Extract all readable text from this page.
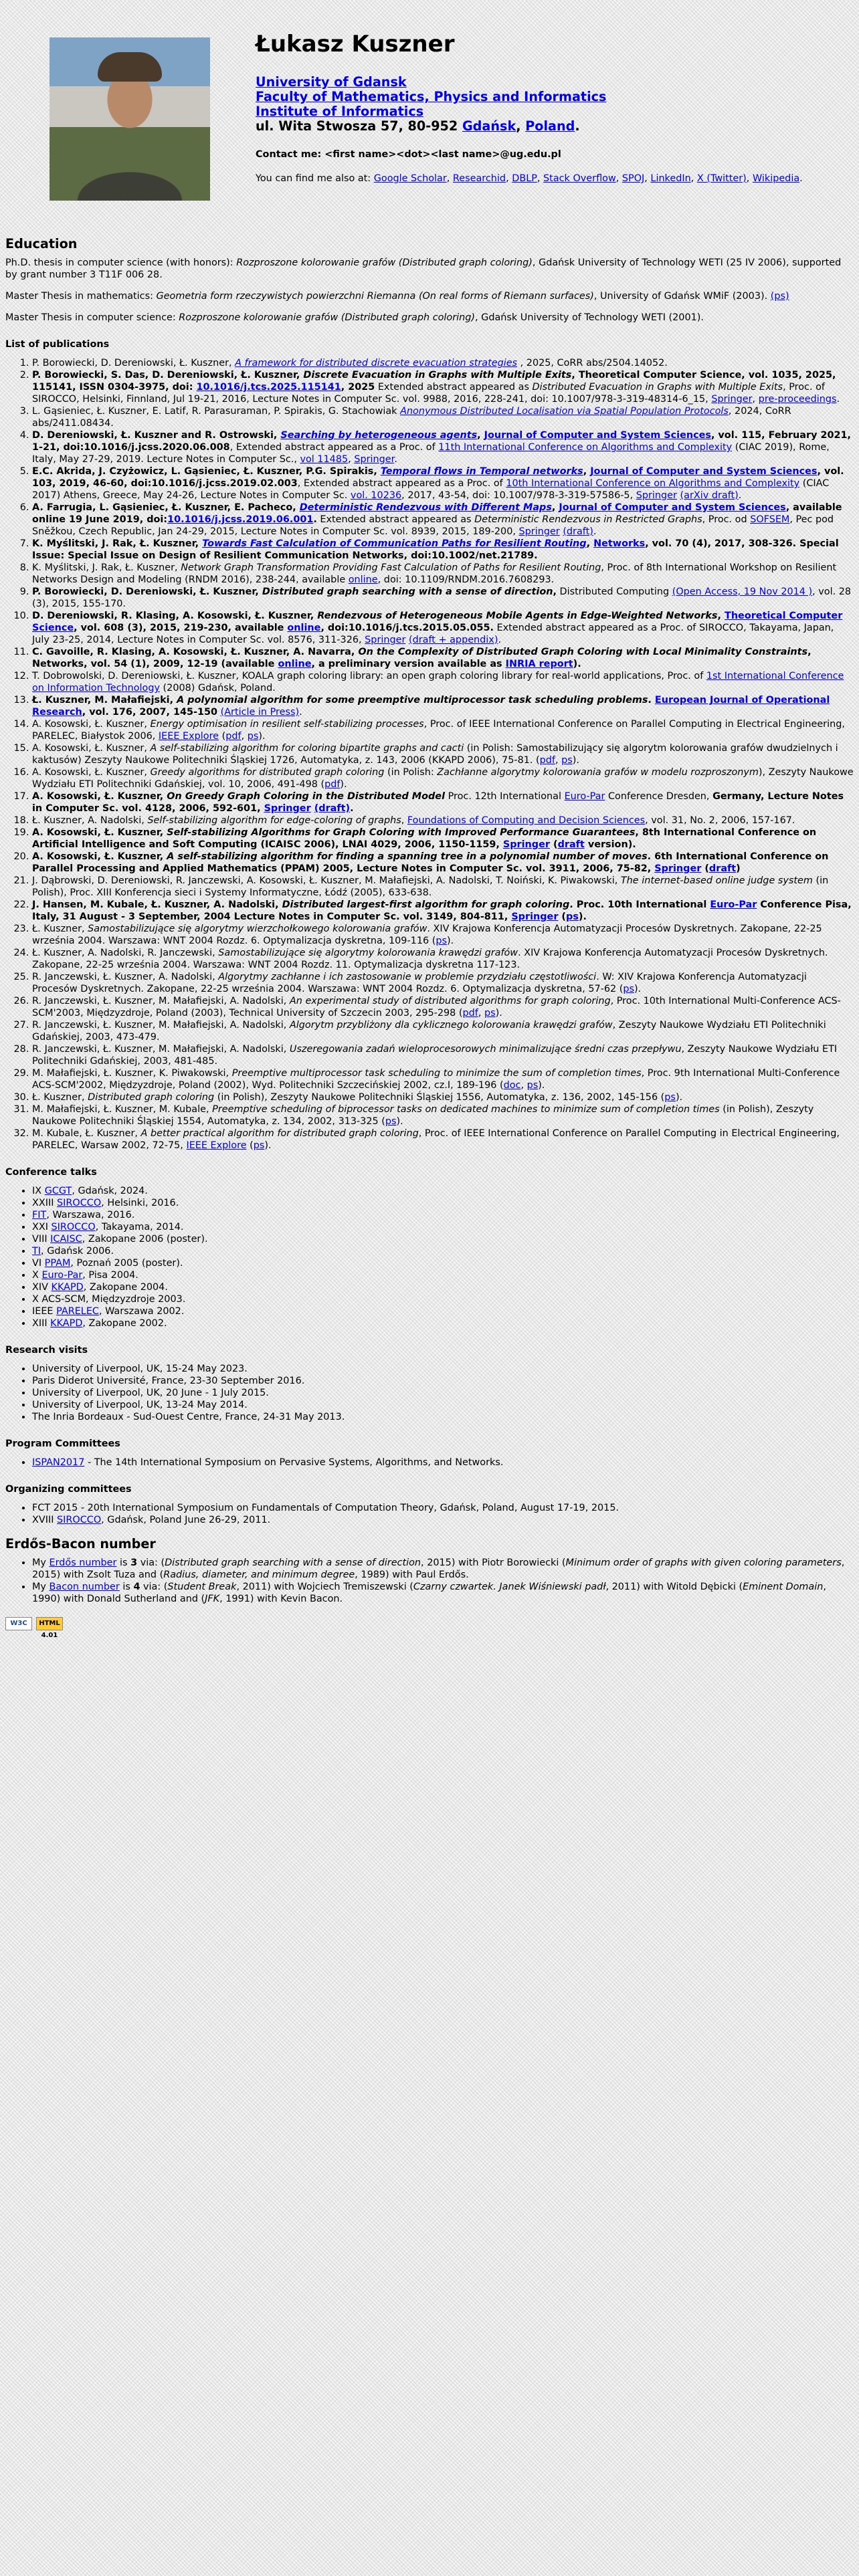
Łukasz Kuszner
University of Gdansk
Faculty of Mathematics, Physics and Informatics
Institute of Informatics
ul. Wita Stwosza 57, 80-952 Gdańsk, Poland.
Contact me: <first name><dot><last name>@ug.edu.pl
You can find me also at: Google Scholar, Researchid, DBLP, Stack Overflow, SPOJ, LinkedIn, X (Twitter), Wikipedia.
Education

Ph.D. thesis in computer science (with honors): Rozproszone kolorowanie grafów (Distributed graph coloring), Gdańsk University of Technology WETI (25 IV 2006), supported by grant number 3 T11F 006 28.

Master Thesis in mathematics: Geometria form rzeczywistych powierzchni Riemanna (On real forms of Riemann surfaces), University of Gdańsk WMiF (2003). (ps)

Master Thesis in computer science: Rozproszone kolorowanie grafów (Distributed graph coloring), Gdańsk University of Technology WETI (2001).

List of publications
1. P. Borowiecki, D. Dereniowski, Ł. Kuszner, A framework for distributed discrete evacuation strategies , 2025, CoRR abs/2504.14052.
2. P. Borowiecki, S. Das, D. Dereniowski, Ł. Kuszner, Discrete Evacuation in Graphs with Multiple Exits, Theoretical Computer Science, vol. 1035, 2025, 115141, ISSN 0304-3975, doi: 10.1016/j.tcs.2025.115141, 2025 Extended abstract appeared as Distributed Evacuation in Graphs with Multiple Exits, Proc. of SIROCCO, Helsinki, Finnland, Jul 19-21, 2016, Lecture Notes in Computer Sc. vol. 9988, 2016, 228-241, doi: 10.1007/978-3-319-48314-6_15, Springer, pre-proceedings.
3. L. Gąsieniec, Ł. Kuszner, E. Latif, R. Parasuraman, P. Spirakis, G. Stachowiak Anonymous Distributed Localisation via Spatial Population Protocols, 2024, CoRR abs/2411.08434.
4. D. Dereniowski, Ł. Kuszner and R. Ostrowski, Searching by heterogeneous agents, Journal of Computer and System Sciences, vol. 115, February 2021, 1-21, doi:10.1016/j.jcss.2020.06.008, Extended abstract appeared as a Proc. of 11th International Conference on Algorithms and Complexity (CIAC 2019), Rome, Italy, May 27-29, 2019. Lecture Notes in Computer Sc., vol 11485, Springer.
5. E.C. Akrida, J. Czyżowicz, L. Gąsieniec, Ł. Kuszner, P.G. Spirakis, Temporal flows in Temporal networks, Journal of Computer and System Sciences, vol. 103, 2019, 46-60, doi:10.1016/j.jcss.2019.02.003, Extended abstract appeared as a Proc. of 10th International Conference on Algorithms and Complexity (CIAC 2017) Athens, Greece, May 24-26, Lecture Notes in Computer Sc. vol. 10236, 2017, 43-54, doi: 10.1007/978-3-319-57586-5, Springer (arXiv draft).
6. A. Farrugia, L. Gąsieniec, Ł. Kuszner, E. Pacheco, Deterministic Rendezvous with Different Maps, Journal of Computer and System Sciences, available online 19 June 2019, doi:10.1016/j.jcss.2019.06.001. Extended abstract appeared as Deterministic Rendezvous in Restricted Graphs, Proc. od SOFSEM, Pec pod Sněžkou, Czech Republic, Jan 24-29, 2015, Lecture Notes in Computer Sc. vol. 8939, 2015, 189-200, Springer (draft).
7. K. Myślitski, J. Rak, Ł. Kuszner, Towards Fast Calculation of Communication Paths for Resilient Routing, Networks, vol. 70 (4), 2017, 308-326. Special Issue: Special Issue on Design of Resilient Communication Networks, doi:10.1002/net.21789.
8. K. Myślitski, J. Rak, Ł. Kuszner, Network Graph Transformation Providing Fast Calculation of Paths for Resilient Routing, Proc. of 8th International Workshop on Resilient Networks Design and Modeling (RNDM 2016), 238-244, available online, doi: 10.1109/RNDM.2016.7608293.
9. P. Borowiecki, D. Dereniowski, Ł. Kuszner, Distributed graph searching with a sense of direction, Distributed Computing (Open Access, 19 Nov 2014 ), vol. 28 (3), 2015, 155-170.
10. D. Dereniowski, R. Klasing, A. Kosowski, Ł. Kuszner, Rendezvous of Heterogeneous Mobile Agents in Edge-Weighted Networks, Theoretical Computer Science, vol. 608 (3), 2015, 219-230, available online, doi:10.1016/j.tcs.2015.05.055. Extended abstract appeared as a Proc. of SIROCCO, Takayama, Japan, July 23-25, 2014, Lecture Notes in Computer Sc. vol. 8576, 311-326, Springer (draft + appendix).
11. C. Gavoille, R. Klasing, A. Kosowski, Ł. Kuszner, A. Navarra, On the Complexity of Distributed Graph Coloring with Local Minimality Constraints, Networks, vol. 54 (1), 2009, 12-19 (available online, a preliminary version available as INRIA report).
12. T. Dobrowolski, D. Dereniowski, Ł. Kuszner, KOALA graph coloring library: an open graph coloring library for real-world applications, Proc. of 1st International Conference on Information Technology (2008) Gdańsk, Poland.
13. Ł. Kuszner, M. Małafiejski, A polynomial algorithm for some preemptive multiprocessor task scheduling problems. European Journal of Operational Research, vol. 176, 2007, 145-150 (Article in Press).
14. A. Kosowski, Ł. Kuszner, Energy optimisation in resilient self-stabilizing processes, Proc. of IEEE International Conference on Parallel Computing in Electrical Engineering, PARELEC, Białystok 2006, IEEE Explore (pdf, ps).
15. A. Kosowski, Ł. Kuszner, A self-stabilizing algorithm for coloring bipartite graphs and cacti (in Polish: Samostabilizujący się algorytm kolorowania grafów dwudzielnych i kaktusów) Zeszyty Naukowe Politechniki Śląskiej 1726, Automatyka, z. 143, 2006 (KKAPD 2006), 75-81. (pdf, ps).
16. A. Kosowski, Ł. Kuszner, Greedy algorithms for distributed graph coloring (in Polish: Zachłanne algorytmy kolorowania grafów w modelu rozproszonym), Zeszyty Naukowe Wydziału ETI Politechniki Gdańskiej, vol. 10, 2006, 491-498 (pdf).
17. A. Kosowski, Ł. Kuszner, On Greedy Graph Coloring in the Distributed Model Proc. 12th International Euro-Par Conference Dresden, Germany, Lecture Notes in Computer Sc. vol. 4128, 2006, 592-601, Springer (draft).
18. Ł. Kuszner, A. Nadolski, Self-stabilizing algorithm for edge-coloring of graphs, Foundations of Computing and Decision Sciences, vol. 31, No. 2, 2006, 157-167.
19. A. Kosowski, Ł. Kuszner, Self-stabilizing Algorithms for Graph Coloring with Improved Performance Guarantees, 8th International Conference on Artificial Intelligence and Soft Computing (ICAISC 2006), LNAI 4029, 2006, 1150-1159, Springer (draft version).
20. A. Kosowski, Ł. Kuszner, A self-stabilizing algorithm for finding a spanning tree in a polynomial number of moves. 6th International Conference on Parallel Processing and Applied Mathematics (PPAM) 2005, Lecture Notes in Computer Sc. vol. 3911, 2006, 75-82, Springer (draft)
21. J. Dąbrowski, D. Dereniowski, R. Janczewski, A. Kosowski, Ł. Kuszner, M. Małafiejski, A. Nadolski, T. Noiński, K. Piwakowski, The internet-based online judge system (in Polish), Proc. XIII Konferencja sieci i Systemy Informatyczne, Łódź (2005), 633-638.
22. J. Hansen, M. Kubale, Ł. Kuszner, A. Nadolski, Distributed largest-first algorithm for graph coloring. Proc. 10th International Euro-Par Conference Pisa, Italy, 31 August - 3 September, 2004 Lecture Notes in Computer Sc. vol. 3149, 804-811, Springer (ps).
23. Ł. Kuszner, Samostabilizujące się algorytmy wierzchołkowego kolorowania grafów. XIV Krajowa Konferencja Automatyzacji Procesów Dyskretnych. Zakopane, 22-25 września 2004. Warszawa: WNT 2004 Rozdz. 6. Optymalizacja dyskretna, 109-116 (ps).
24. Ł. Kuszner, A. Nadolski, R. Janczewski, Samostabilizujące się algorytmy kolorowania krawędzi grafów. XIV Krajowa Konferencja Automatyzacji Procesów Dyskretnych. Zakopane, 22-25 września 2004. Warszawa: WNT 2004 Rozdz. 11. Optymalizacja dyskretna 117-123.
25. R. Janczewski, Ł. Kuszner, A. Nadolski, Algorytmy zachłanne i ich zastosowanie w problemie przydziału częstotliwości. W: XIV Krajowa Konferencja Automatyzacji Procesów Dyskretnych. Zakopane, 22-25 września 2004. Warszawa: WNT 2004 Rozdz. 6. Optymalizacja dyskretna, 57-62 (ps).
26. R. Janczewski, Ł. Kuszner, M. Małafiejski, A. Nadolski, An experimental study of distributed algorithms for graph coloring, Proc. 10th International Multi-Conference ACS-SCM'2003, Międzyzdroje, Poland (2003), Technical University of Szczecin 2003, 295-298 (pdf, ps).
27. R. Janczewski, Ł. Kuszner, M. Małafiejski, A. Nadolski, Algorytm przybliżony dla cyklicznego kolorowania krawędzi grafów, Zeszyty Naukowe Wydziału ETI Politechniki Gdańskiej, 2003, 473-479.
28. R. Janczewski, Ł. Kuszner, M. Małafiejski, A. Nadolski, Uszeregowania zadań wieloprocesorowych minimalizujące średni czas przepływu, Zeszyty Naukowe Wydziału ETI Politechniki Gdańskiej, 2003, 481-485.
29. M. Małafiejski, Ł. Kuszner, K. Piwakowski, Preemptive multiprocessor task scheduling to minimize the sum of completion times, Proc. 9th International Multi-Conference ACS-SCM'2002, Międzyzdroje, Poland (2002), Wyd. Politechniki Szczecińskiej 2002, cz.I, 189-196 (doc, ps).
30. Ł. Kuszner, Distributed graph coloring (in Polish), Zeszyty Naukowe Politechniki Śląskiej 1556, Automatyka, z. 136, 2002, 145-156 (ps).
31. M. Małafiejski, Ł. Kuszner, M. Kubale, Preemptive scheduling of biprocessor tasks on dedicated machines to minimize sum of completion times (in Polish), Zeszyty Naukowe Politechniki Śląskiej 1554, Automatyka, z. 134, 2002, 313-325 (ps).
32. M. Kubale, Ł. Kuszner, A better practical algorithm for distributed graph coloring, Proc. of IEEE International Conference on Parallel Computing in Electrical Engineering, PARELEC, Warsaw 2002, 72-75, IEEE Explore (ps).
Conference talks
• IX GCGT, Gdańsk, 2024.
• XXIII SIROCCO, Helsinki, 2016.
• FIT, Warszawa, 2016.
• XXI SIROCCO, Takayama, 2014.
• VIII ICAISC, Zakopane 2006 (poster).
• TI, Gdańsk 2006.
• VI PPAM, Poznań 2005 (poster).
• X Euro-Par, Pisa 2004.
• XIV KKAPD, Zakopane 2004.
• X ACS-SCM, Międzyzdroje 2003.
• IEEE PARELEC, Warszawa 2002.
• XIII KKAPD, Zakopane 2002.
Research visits
• University of Liverpool, UK, 15-24 May 2023.
• Paris Diderot Université, France, 23-30 September 2016.
• University of Liverpool, UK, 20 June - 1 July 2015.
• University of Liverpool, UK, 13-24 May 2014.
• The Inria Bordeaux - Sud-Ouest Centre, France, 24-31 May 2013.
Program Committees
• ISPAN2017 - The 14th International Symposium on Pervasive Systems, Algorithms, and Networks.
Organizing committees
• FCT 2015 - 20th International Symposium on Fundamentals of Computation Theory, Gdańsk, Poland, August 17-19, 2015.
• XVIII SIROCCO, Gdańsk, Poland June 26-29, 2011.
Erdős-Bacon number
• My Erdős number is 3 via: (Distributed graph searching with a sense of direction, 2015) with Piotr Borowiecki (Minimum order of graphs with given coloring parameters, 2015) with Zsolt Tuza and (Radius, diameter, and minimum degree, 1989) with Paul Erdős.
• My Bacon number is 4 via: (Student Break, 2011) with Wojciech Tremiszewski (Czarny czwartek. Janek Wiśniewski padł, 2011) with Witold Dębicki (Eminent Domain, 1990) with Donald Sutherland and (JFK, 1991) with Kevin Bacon.
W3C	HTML 4.01
